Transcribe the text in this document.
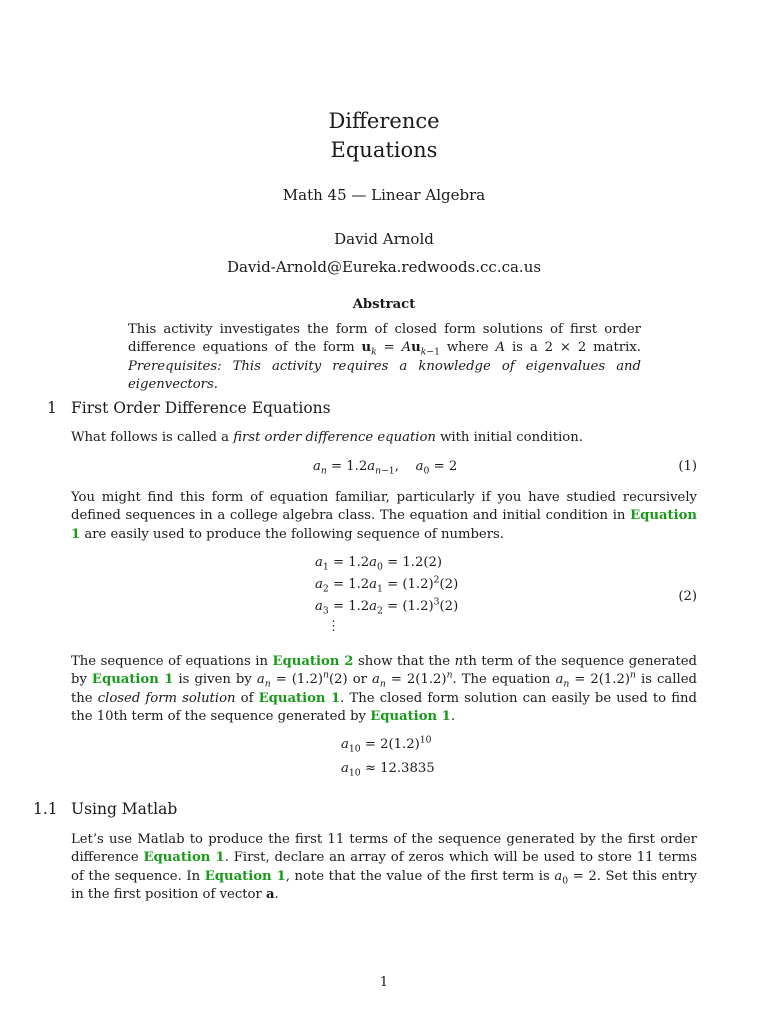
Difference
Equations
Math 45 — Linear Algebra
David Arnold
David-Arnold@Eureka.redwoods.cc.ca.us
Abstract
This activity investigates the form of closed form solutions of first order difference equations of the form $u_k = Au_{k-1}$ where A is a 2 × 2 matrix. Prerequisites: This activity requires a knowledge of eigenvalues and eigenvectors.
1 First Order Difference Equations
What follows is called a first order difference equation with initial condition.
$a_n = 1.2a_{n-1}$,    $a_0 = 2$	(1)
You might find this form of equation familiar, particularly if you have studied recursively defined sequences in a college algebra class. The equation and initial condition in Equation 1 are easily used to produce the following sequence of numbers.
$a_1 = 1.2a_0 = 1.2(2)$
$a_2 = 1.2a_1 = (1.2)^2(2)$
$a_3 = 1.2a_2 = (1.2)^3(2)$
⋮
(2)
The sequence of equations in Equation 2 show that the nth term of the sequence generated by Equation 1 is given by $a_n = (1.2)^n(2)$ or $a_n = 2(1.2)^n$. The equation $a_n = 2(1.2)^n$ is called the closed form solution of Equation 1. The closed form solution can easily be used to find the 10th term of the sequence generated by Equation 1.
$a_{10} = 2(1.2)^{10}$
$a_{10} \approx 12.3835$
1.1 Using Matlab
Let’s use Matlab to produce the first 11 terms of the sequence generated by the first order difference Equation 1. First, declare an array of zeros which will be used to store 11 terms of the sequence. In Equation 1, note that the value of the first term is $a_0 = 2$. Set this entry in the first position of vector a.
1
